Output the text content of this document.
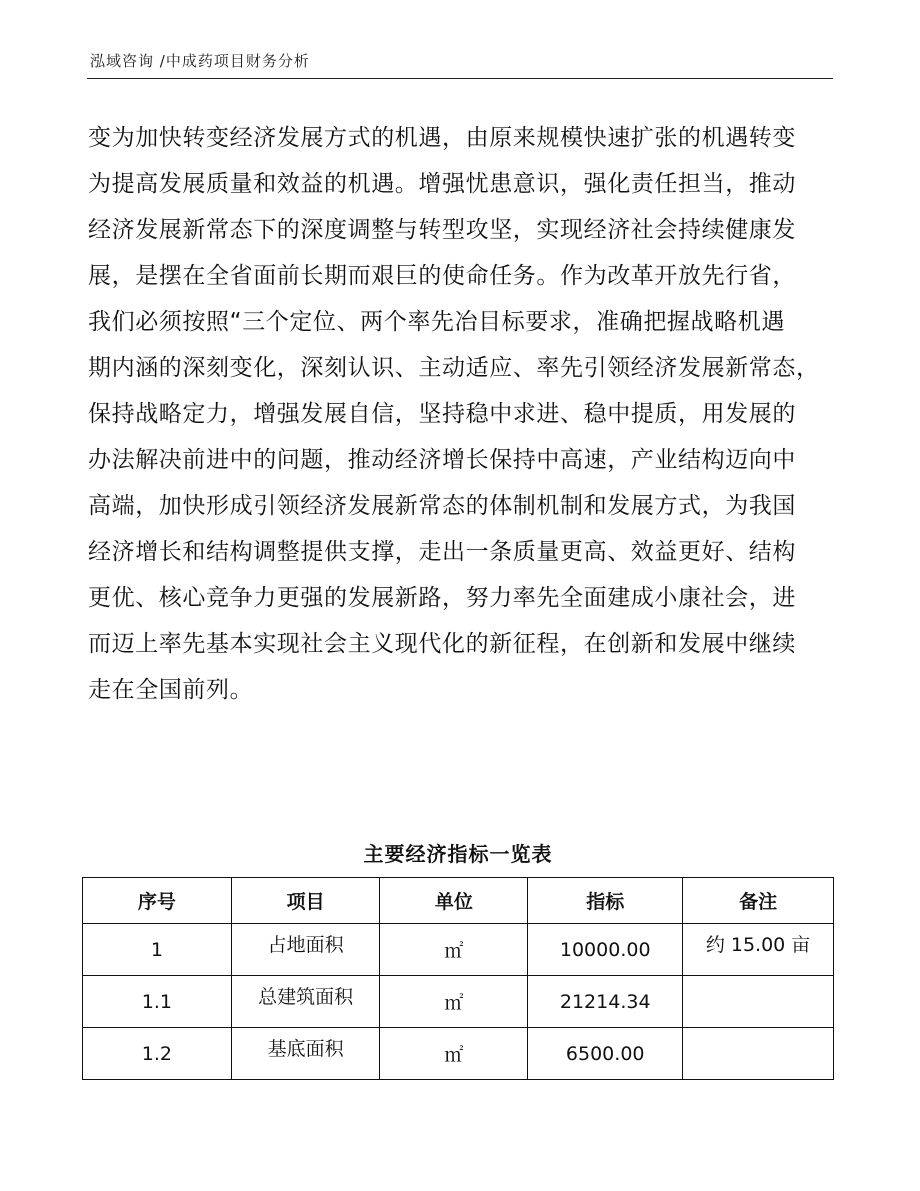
泓域咨询 /中成药项目财务分析
变为加快转变经济发展方式的机遇，由原来规模快速扩张的机遇转变
为提高发展质量和效益的机遇。增强忧患意识，强化责任担当，推动
经济发展新常态下的深度调整与转型攻坚，实现经济社会持续健康发
展，是摆在全省面前长期而艰巨的使命任务。作为改革开放先行省，
我们必须按照“三个定位、两个率先冶目标要求，准确把握战略机遇
期内涵的深刻变化，深刻认识、主动适应、率先引领经济发展新常态，
保持战略定力，增强发展自信，坚持稳中求进、稳中提质，用发展的
办法解决前进中的问题，推动经济增长保持中高速，产业结构迈向中
高端，加快形成引领经济发展新常态的体制机制和发展方式，为我国
经济增长和结构调整提供支撑，走出一条质量更高、效益更好、结构
更优、核心竞争力更强的发展新路，努力率先全面建成小康社会，进
而迈上率先基本实现社会主义现代化的新征程，在创新和发展中继续
走在全国前列。
主要经济指标一览表
序号	项目	单位	指标	备注
1	占地面积	㎡	10000.00	约 15.00 亩
1.1	总建筑面积	㎡	21214.34	
1.2	基底面积	㎡	6500.00	
